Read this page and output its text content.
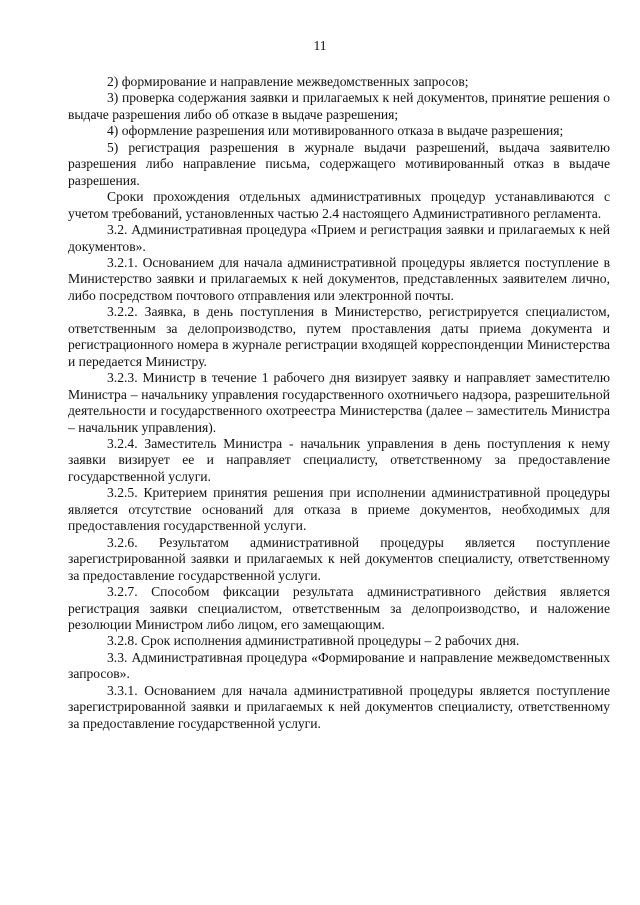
11

2) формирование и направление межведомственных запросов;

3) проверка содержания заявки и прилагаемых к ней документов, принятие решения о выдаче разрешения либо об отказе в выдаче разрешения;

4) оформление разрешения или мотивированного отказа в выдаче разрешения;

5) регистрация разрешения в журнале выдачи разрешений, выдача заявителю разрешения либо направление письма, содержащего мотивированный отказ в выдаче разрешения.

Сроки прохождения отдельных административных процедур устанавливаются с учетом требований, установленных частью 2.4 настоящего Административного регламента.

3.2. Административная процедура «Прием и регистрация заявки и прилагаемых к ней документов».

3.2.1. Основанием для начала административной процедуры является поступление в Министерство заявки и прилагаемых к ней документов, представленных заявителем лично, либо посредством почтового отправления или электронной почты.

3.2.2. Заявка, в день поступления в Министерство, регистрируется специалистом, ответственным за делопроизводство, путем проставления даты приема документа и регистрационного номера в журнале регистрации входящей корреспонденции Министерства и передается Министру.

3.2.3. Министр в течение 1 рабочего дня визирует заявку и направляет заместителю Министра – начальнику управления государственного охотничьего надзора, разрешительной деятельности и государственного охотреестра Министерства (далее – заместитель Министра – начальник управления).

3.2.4. Заместитель Министра - начальник управления в день поступления к нему заявки визирует ее и направляет специалисту, ответственному за предоставление государственной услуги.

3.2.5. Критерием принятия решения при исполнении административной процедуры является отсутствие оснований для отказа в приеме документов, необходимых для предоставления государственной услуги.

3.2.6. Результатом административной процедуры является поступление зарегистрированной заявки и прилагаемых к ней документов специалисту, ответственному за предоставление государственной услуги.

3.2.7. Способом фиксации результата административного действия является регистрация заявки специалистом, ответственным за делопроизводство, и наложение резолюции Министром либо лицом, его замещающим.

3.2.8. Срок исполнения административной процедуры – 2 рабочих дня.

3.3. Административная процедура «Формирование и направление межведомственных запросов».

3.3.1. Основанием для начала административной процедуры является поступление зарегистрированной заявки и прилагаемых к ней документов специалисту, ответственному за предоставление государственной услуги.
